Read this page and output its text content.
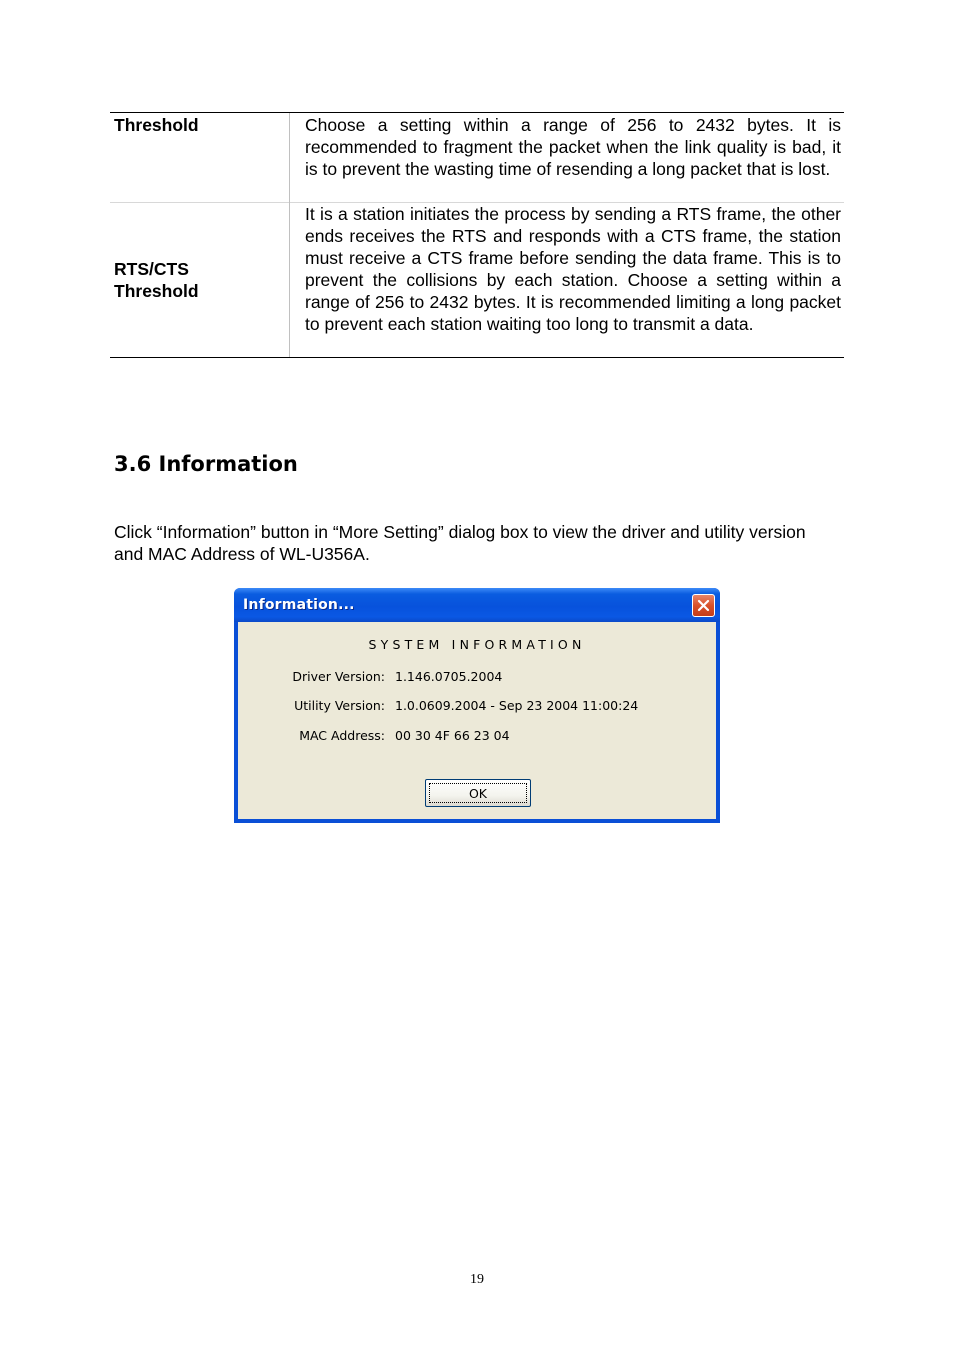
Threshold	Choose a setting within a range of 256 to 2432 bytes. It is recommended to fragment the packet when the link quality is bad, it is to prevent the wasting time of resending a long packet that is lost.
RTS/CTS
Threshold	It is a station initiates the process by sending a RTS frame, the other ends receives the RTS and responds with a CTS frame, the station must receive a CTS frame before sending the data frame. This is to prevent the collisions by each station. Choose a setting within a range of 256 to 2432 bytes. It is recommended limiting a long packet to prevent each station waiting too long to transmit a data.
3.6 Information

Click “Information” button in “More Setting” dialog box to view the driver and utility version and MAC Address of WL-U356A.

Information...
SYSTEM INFORMATION
Driver Version: 1.146.0705.2004
Utility Version: 1.0.0609.2004 - Sep 23 2004 11:00:24
MAC Address: 00 30 4F 66 23 04
OK
19
